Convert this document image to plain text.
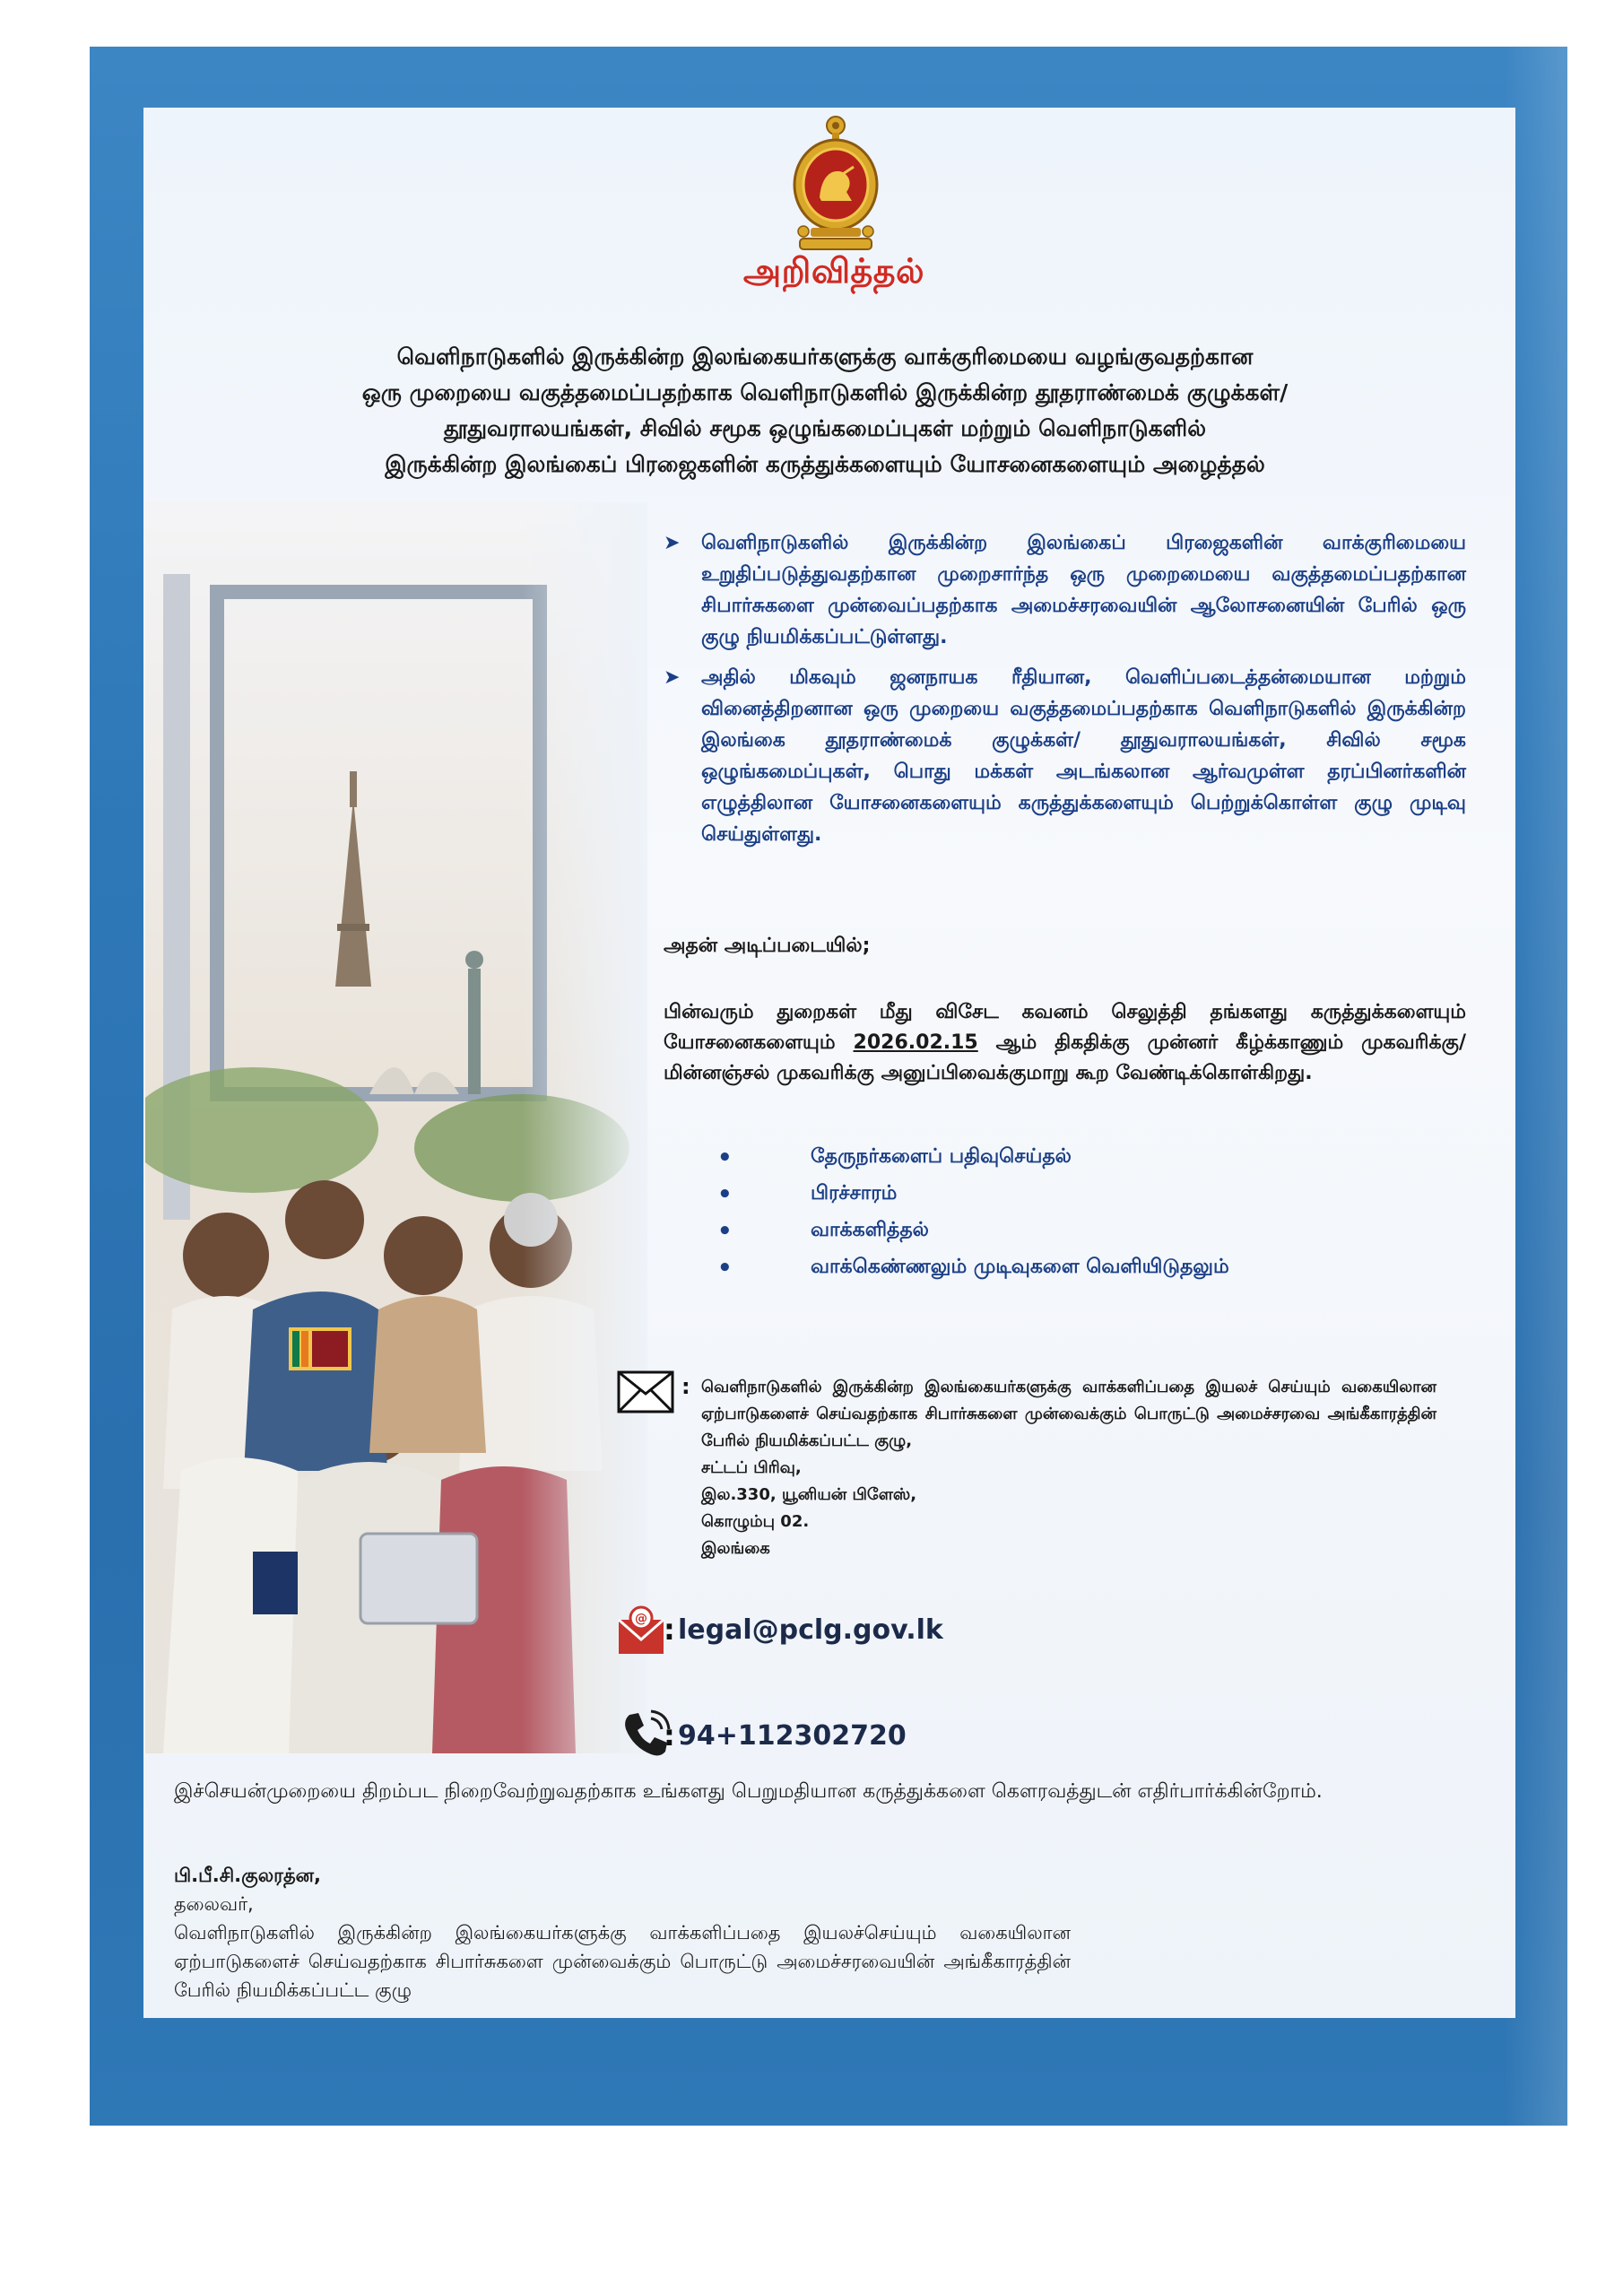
அறிவித்தல்
வெளிநாடுகளில் இருக்கின்ற இலங்கையர்களுக்கு வாக்குரிமையை வழங்குவதற்கான
ஒரு முறையை வகுத்தமைப்பதற்காக வெளிநாடுகளில் இருக்கின்ற தூதராண்மைக் குழுக்கள்/
தூதுவராலயங்கள், சிவில் சமூக ஒழுங்கமைப்புகள் மற்றும் வெளிநாடுகளில்
இருக்கின்ற இலங்கைப் பிரஜைகளின் கருத்துக்களையும் யோசனைகளையும் அழைத்தல்
➤ வெளிநாடுகளில் இருக்கின்ற இலங்கைப் பிரஜைகளின் வாக்குரிமையை உறுதிப்படுத்துவதற்கான முறைசார்ந்த ஒரு முறைமையை வகுத்தமைப்பதற்கான சிபார்சுகளை முன்வைப்பதற்காக அமைச்சரவையின் ஆலோசனையின் பேரில் ஒரு குழு நியமிக்கப்பட்டுள்ளது.
➤ அதில் மிகவும் ஜனநாயக ரீதியான, வெளிப்படைத்தன்மையான மற்றும் வினைத்திறனான ஒரு முறையை வகுத்தமைப்பதற்காக வெளிநாடுகளில் இருக்கின்ற இலங்கை தூதராண்மைக் குழுக்கள்/ தூதுவராலயங்கள், சிவில் சமூக ஒழுங்கமைப்புகள், பொது மக்கள் அடங்கலான ஆர்வமுள்ள தரப்பினர்களின் எழுத்திலான யோசனைகளையும் கருத்துக்களையும் பெற்றுக்கொள்ள குழு முடிவு செய்துள்ளது.
அதன் அடிப்படையில்;
பின்வரும் துறைகள் மீது விசேட கவனம் செலுத்தி தங்களது கருத்துக்களையும் யோசனைகளையும் 2026.02.15 ஆம் திகதிக்கு முன்னர் கீழ்க்காணும் முகவரிக்கு/ மின்னஞ்சல் முகவரிக்கு அனுப்பிவைக்குமாறு கூற வேண்டிக்கொள்கிறது.
•	தேருநர்களைப் பதிவுசெய்தல்
•	பிரச்சாரம்
•	வாக்களித்தல்
•	வாக்கெண்ணலும் முடிவுகளை வெளியிடுதலும்
: வெளிநாடுகளில் இருக்கின்ற இலங்கையர்களுக்கு வாக்களிப்பதை இயலச் செய்யும் வகையிலான ஏற்பாடுகளைச் செய்வதற்காக சிபார்சுகளை முன்வைக்கும் பொருட்டு அமைச்சரவை அங்கீகாரத்தின் பேரில் நியமிக்கப்பட்ட குழு,
சட்டப் பிரிவு,
இல.330, யூனியன் பிளேஸ்,
கொழும்பு 02.
இலங்கை
@ : legal@pclg.gov.lk
: 94+112302720
இச்செயன்முறையை திறம்பட நிறைவேற்றுவதற்காக உங்களது பெறுமதியான கருத்துக்களை கௌரவத்துடன் எதிர்பார்க்கின்றோம்.
பி.பீ.சி.குலரத்ன,
தலைவர்,
வெளிநாடுகளில் இருக்கின்ற இலங்கையர்களுக்கு வாக்களிப்பதை இயலச்செய்யும் வகையிலான ஏற்பாடுகளைச் செய்வதற்காக சிபார்சுகளை முன்வைக்கும் பொருட்டு அமைச்சரவையின் அங்கீகாரத்தின் பேரில் நியமிக்கப்பட்ட குழு
